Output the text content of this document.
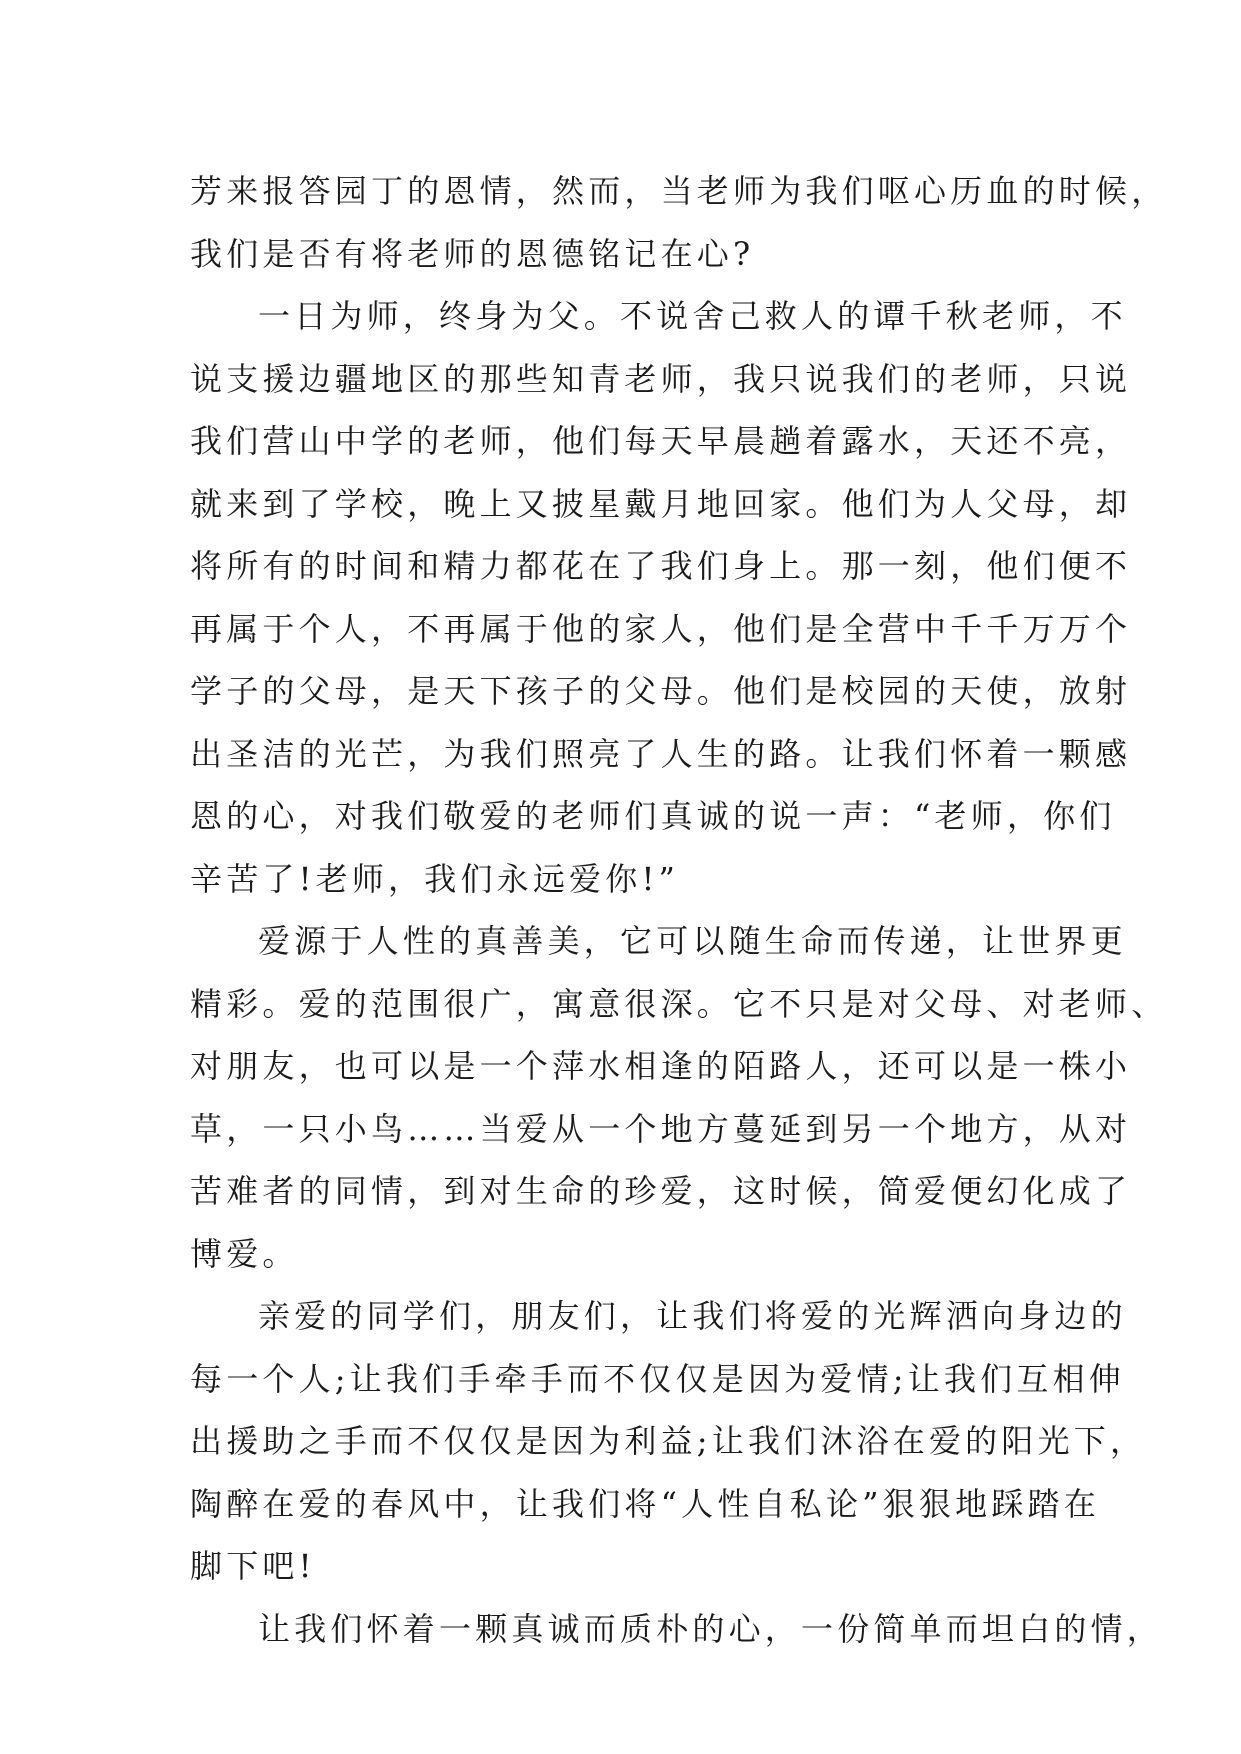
芳来报答园丁的恩情，然而，当老师为我们呕心历血的时候，
我们是否有将老师的恩德铭记在心?

一日为师，终身为父。不说舍己救人的谭千秋老师，不
说支援边疆地区的那些知青老师，我只说我们的老师，只说
我们营山中学的老师，他们每天早晨趟着露水，天还不亮，
就来到了学校，晚上又披星戴月地回家。他们为人父母，却
将所有的时间和精力都花在了我们身上。那一刻，他们便不
再属于个人，不再属于他的家人，他们是全营中千千万万个
学子的父母，是天下孩子的父母。他们是校园的天使，放射
出圣洁的光芒，为我们照亮了人生的路。让我们怀着一颗感
恩的心，对我们敬爱的老师们真诚的说一声：“老师，你们
辛苦了!老师，我们永远爱你!”

爱源于人性的真善美，它可以随生命而传递，让世界更
精彩。爱的范围很广，寓意很深。它不只是对父母、对老师、
对朋友，也可以是一个萍水相逢的陌路人，还可以是一株小
草，一只小鸟……当爱从一个地方蔓延到另一个地方，从对
苦难者的同情，到对生命的珍爱，这时候，简爱便幻化成了
博爱。

亲爱的同学们，朋友们，让我们将爱的光辉洒向身边的
每一个人;让我们手牵手而不仅仅是因为爱情;让我们互相伸
出援助之手而不仅仅是因为利益;让我们沐浴在爱的阳光下，
陶醉在爱的春风中，让我们将“人性自私论”狠狠地踩踏在
脚下吧!

让我们怀着一颗真诚而质朴的心，一份简单而坦白的情，
